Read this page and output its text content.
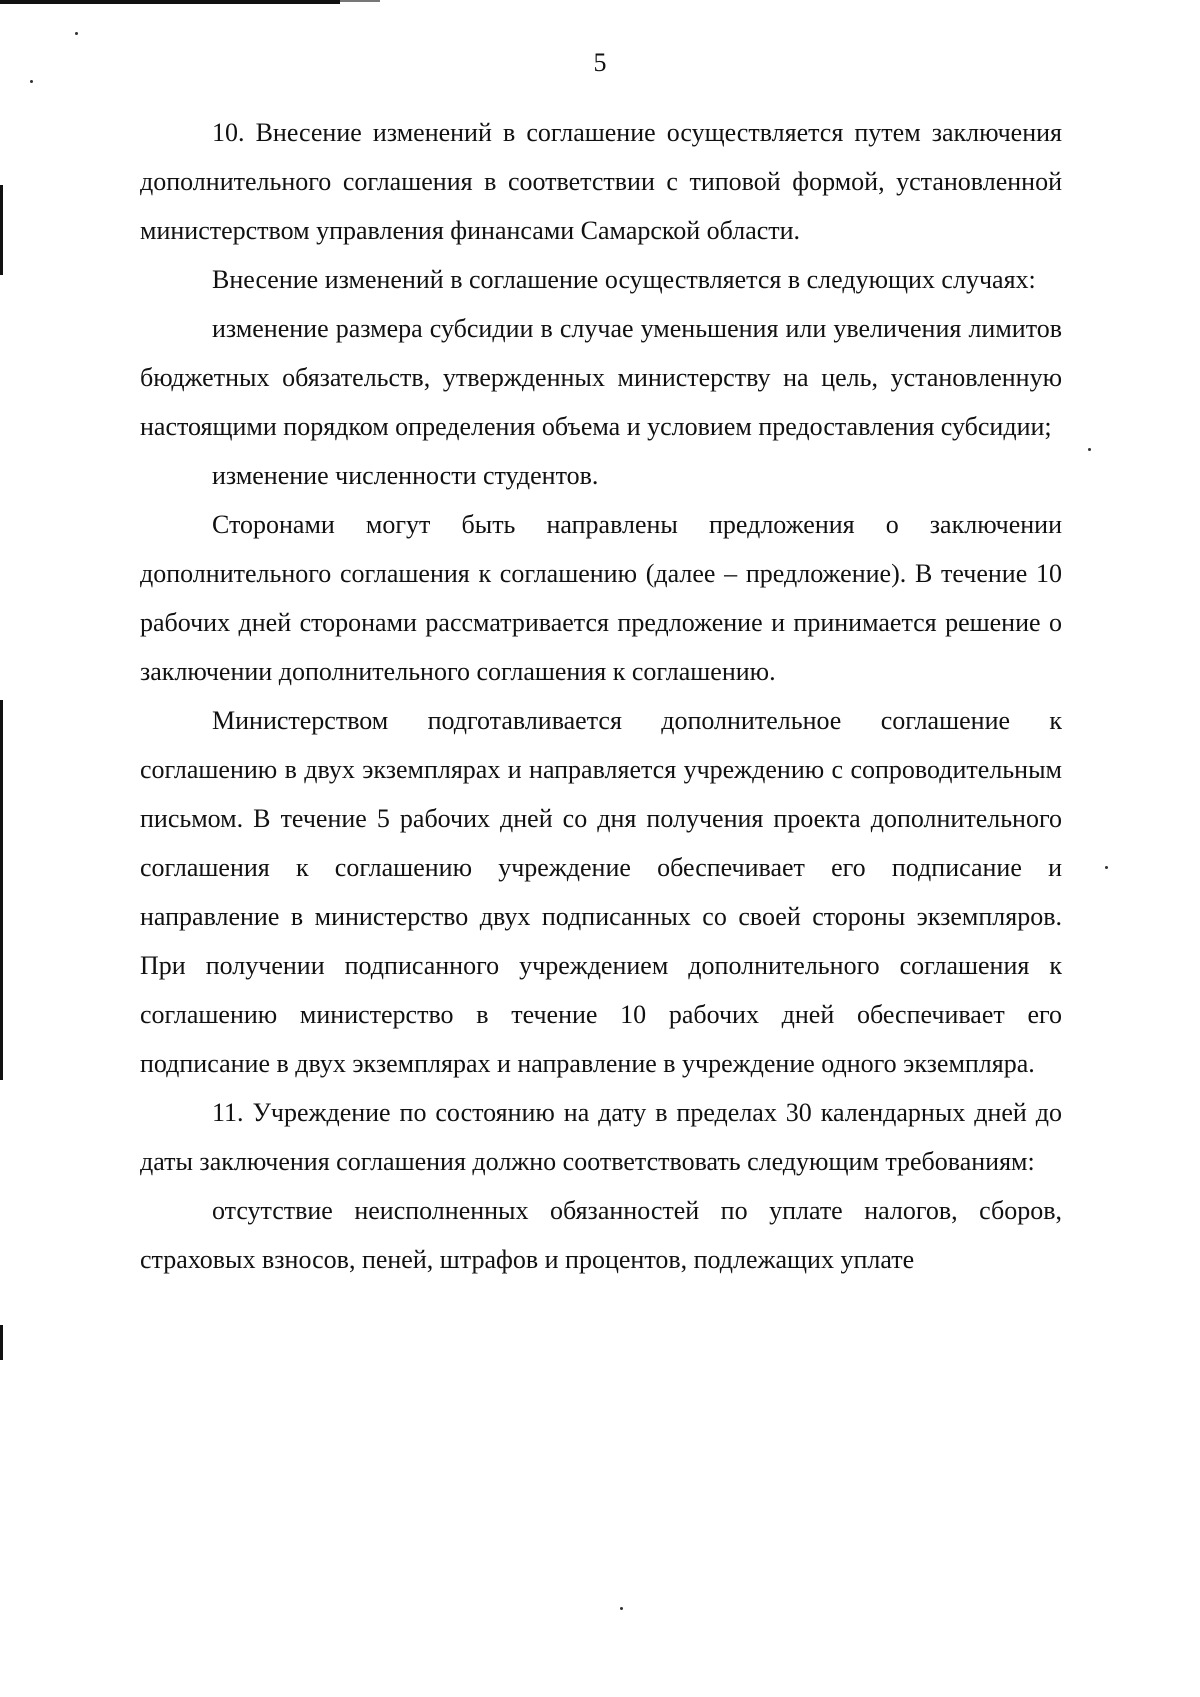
5

10. Внесение изменений в соглашение осуществляется путем заключения дополнительного соглашения в соответствии с типовой формой, установленной министерством управления финансами Самарской области.

Внесение изменений в соглашение осуществляется в следующих случаях:

изменение размера субсидии в случае уменьшения или увеличения лимитов бюджетных обязательств, утвержденных министерству на цель, установленную настоящими порядком определения объема и условием предоставления субсидии;

изменение численности студентов.

Сторонами могут быть направлены предложения о заключении дополнительного соглашения к соглашению (далее – предложение). В течение 10 рабочих дней сторонами рассматривается предложение и принимается решение о заключении дополнительного соглашения к соглашению.

Министерством подготавливается дополнительное соглашение к соглашению в двух экземплярах и направляется учреждению с сопроводительным письмом. В течение 5 рабочих дней со дня получения проекта дополнительного соглашения к соглашению учреждение обеспечивает его подписание и направление в министерство двух подписанных со своей стороны экземпляров. При получении подписанного учреждением дополнительного соглашения к соглашению министерство в течение 10 рабочих дней обеспечивает его подписание в двух экземплярах и направление в учреждение одного экземпляра.

11. Учреждение по состоянию на дату в пределах 30 календарных дней до даты заключения соглашения должно соответствовать следующим требованиям:

отсутствие неисполненных обязанностей по уплате налогов, сборов, страховых взносов, пеней, штрафов и процентов, подлежащих уплате
